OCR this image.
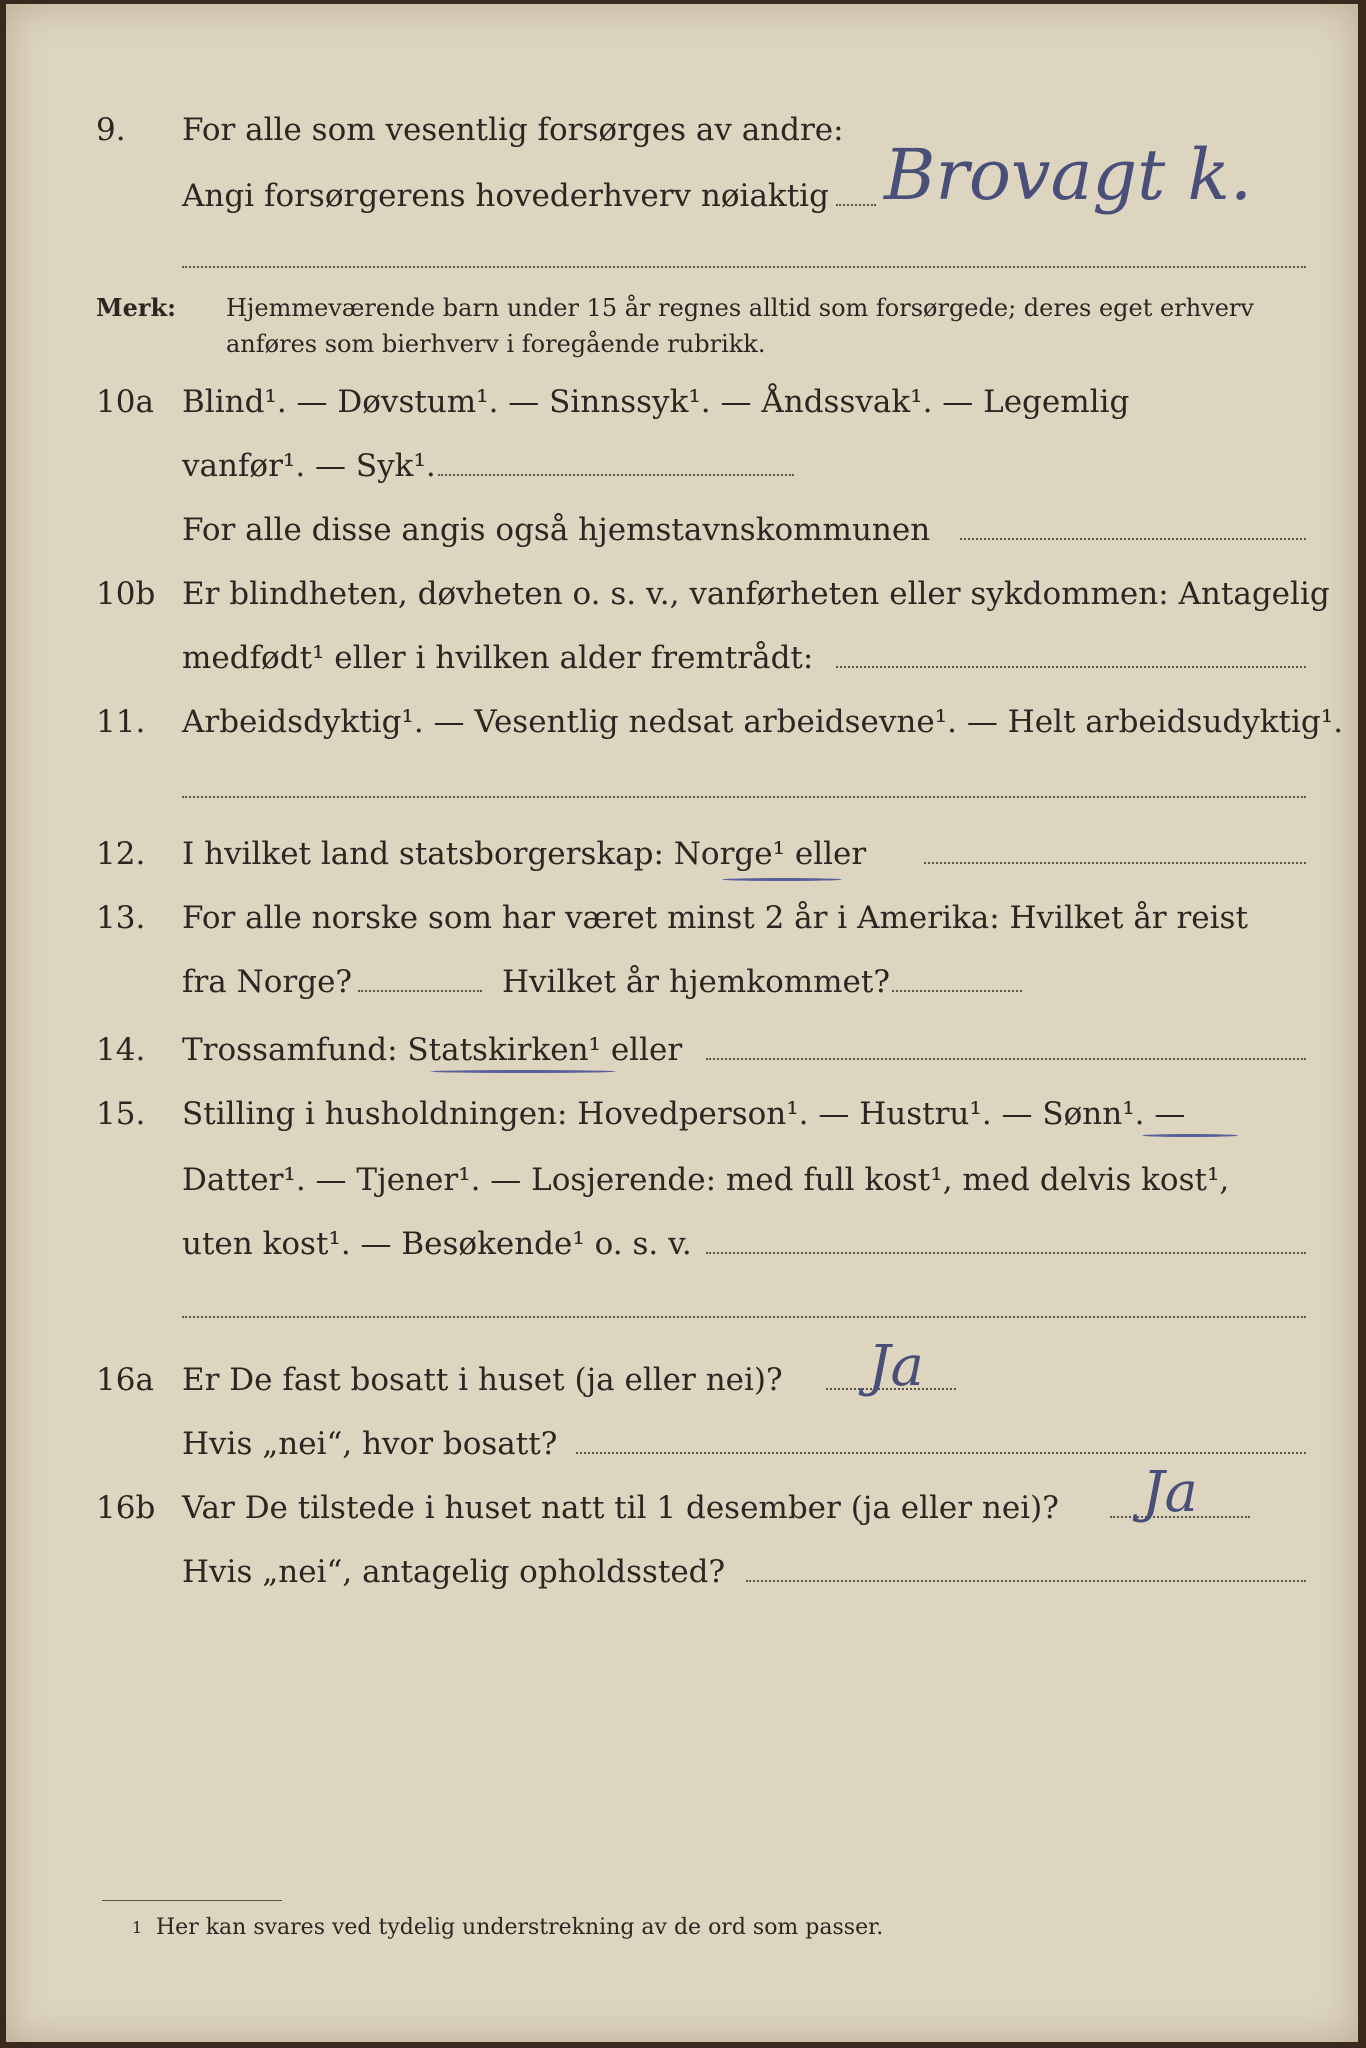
9. For alle som vesentlig forsørges av andre:
Angi forsørgerens hovederhverv nøiaktig Brovagt k.
Merk: Hjemmeværende barn under 15 år regnes alltid som forsørgede; deres eget erhverv
anføres som bierhverv i foregående rubrikk.
10a Blind¹. — Døvstum¹. — Sinnssyk¹. — Åndssvak¹. — Legemlig
vanfør¹. — Syk¹.
For alle disse angis også hjemstavnskommunen
10b Er blindheten, døvheten o. s. v., vanførheten eller sykdommen: Antagelig
medfødt¹ eller i hvilken alder fremtrådt:
11. Arbeidsdyktig¹. — Vesentlig nedsat arbeidsevne¹. — Helt arbeidsudyktig¹.
12. I hvilket land statsborgerskap: Norge¹ eller
13. For alle norske som har været minst 2 år i Amerika: Hvilket år reist
fra Norge?	Hvilket år hjemkommet?
14. Trossamfund: Statskirken¹ eller
15. Stilling i husholdningen: Hovedperson¹. — Hustru¹. — Sønn¹. —
Datter¹. — Tjener¹. — Losjerende: med full kost¹, med delvis kost¹,
uten kost¹. — Besøkende¹ o. s. v.
16a Er De fast bosatt i huset (ja eller nei)? Ja
Hvis „nei“, hvor bosatt?
16b Var De tilstede i huset natt til 1 desember (ja eller nei)? Ja
Hvis „nei“, antagelig opholdssted?
1 Her kan svares ved tydelig understrekning av de ord som passer.
